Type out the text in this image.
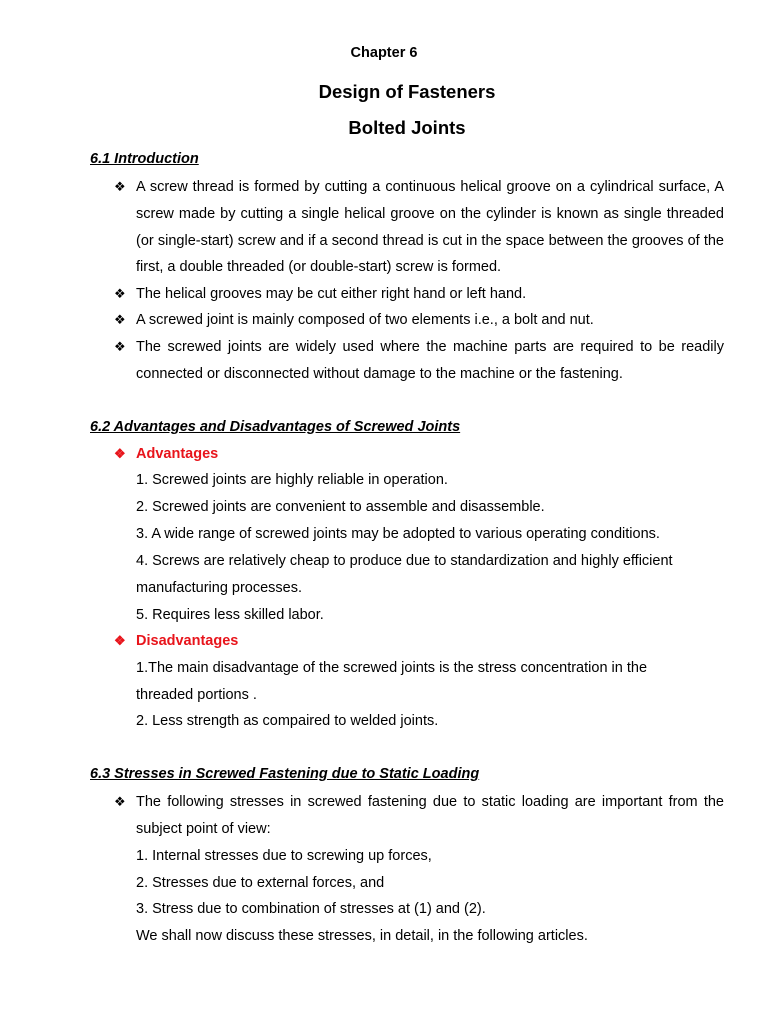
Chapter 6
Design of Fasteners
Bolted Joints
6.1 Introduction
❖ A screw thread is formed by cutting a continuous helical groove on a cylindrical surface, A screw made by cutting a single helical groove on the cylinder is known as single threaded (or single-start) screw and if a second thread is cut in the space between the grooves of the first, a double threaded (or double-start) screw is formed.
❖ The helical grooves may be cut either right hand or left hand.
❖ A screwed joint is mainly composed of two elements i.e., a bolt and nut.
❖ The screwed joints are widely used where the machine parts are required to be readily connected or disconnected without damage to the machine or the fastening.
6.2 Advantages and Disadvantages of Screwed Joints
❖ Advantages
1. Screwed joints are highly reliable in operation.
2. Screwed joints are convenient to assemble and disassemble.
3. A wide range of screwed joints may be adopted to various operating conditions.
4. Screws are relatively cheap to produce due to standardization and highly efficient
manufacturing processes.
5. Requires less skilled labor.
❖ Disadvantages
1.The main disadvantage of the screwed joints is the stress concentration in the
threaded portions .
2. Less strength as compaired to welded joints.
6.3 Stresses in Screwed Fastening due to Static Loading
❖ The following stresses in screwed fastening due to static loading are important from the subject point of view:
1. Internal stresses due to screwing up forces,
2. Stresses due to external forces, and
3. Stress due to combination of stresses at (1) and (2).
We shall now discuss these stresses, in detail, in the following articles.
